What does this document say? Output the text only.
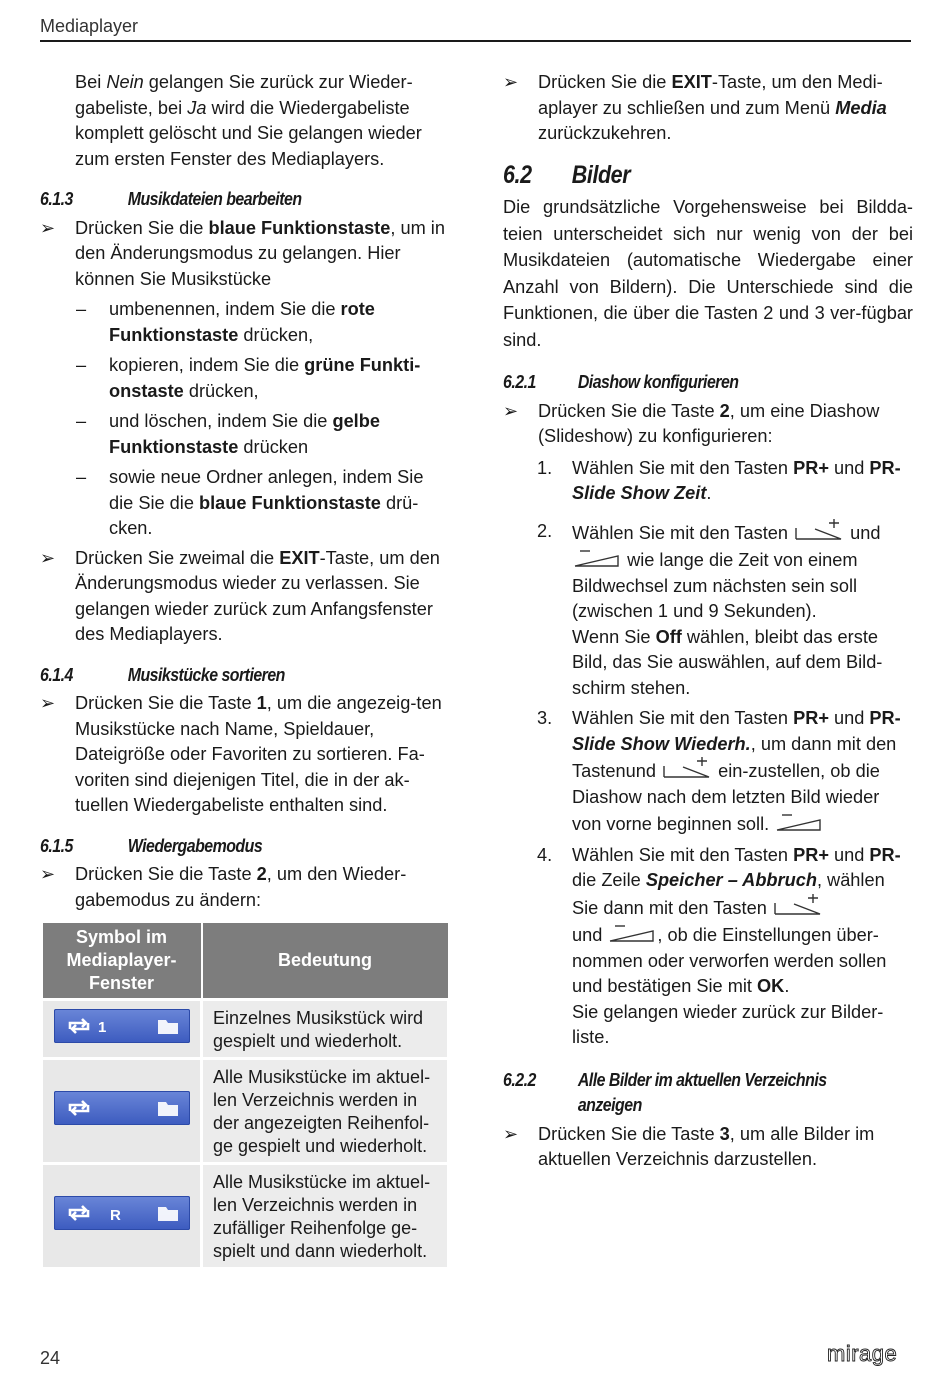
Mediaplayer

Bei Nein gelangen Sie zurück zur Wieder-gabeliste, bei Ja wird die Wiedergabeliste komplett gelöscht und Sie gelangen wieder zum ersten Fenster des Mediaplayers.

6.1.3	Musikdateien bearbeiten
➢ Drücken Sie die blaue Funktionstaste, um in den Änderungsmodus zu gelangen. Hier können Sie Musikstücke
– umbenennen, indem Sie die rote Funktionstaste drücken,
– kopieren, indem Sie die grüne Funkti-onstaste drücken,
– und löschen, indem Sie die gelbe Funktionstaste drücken
– sowie neue Ordner anlegen, indem Sie die Sie die blaue Funktionstaste drü-cken.
➢ Drücken Sie zweimal die EXIT-Taste, um den Änderungsmodus wieder zu verlassen. Sie gelangen wieder zurück zum Anfangsfenster des Mediaplayers.
6.1.4	Musikstücke sortieren
➢ Drücken Sie die Taste 1, um die angezeig-ten Musikstücke nach Name, Spieldauer, Dateigröße oder Favoriten zu sortieren. Fa-voriten sind diejenigen Titel, die in der ak-tuellen Wiedergabeliste enthalten sind.
6.1.5	Wiedergabemodus
➢ Drücken Sie die Taste 2, um den Wieder-gabemodus zu ändern:
Symbol im Mediaplayer-Fenster	Bedeutung

1	Einzelnes Musikstück wird gespielt und wiederholt.

	Alle Musikstücke im aktuel-len Verzeichnis werden in der angezeigten Reihenfol-ge gespielt und wiederholt.

R	Alle Musikstücke im aktuel-len Verzeichnis werden in zufälliger Reihenfolge ge-spielt und dann wiederholt.
➢ Drücken Sie die EXIT-Taste, um den Medi-aplayer zu schließen und zum Menü Media zurückzukehren.
6.2	Bilder

Die grundsätzliche Vorgehensweise bei Bildda-teien unterscheidet sich nur wenig von der bei Musikdateien (automatische Wiedergabe einer Anzahl von Bildern). Die Unterschiede sind die Funktionen, die über die Tasten 2 und 3 ver-fügbar sind.

6.2.1	Diashow konfigurieren
➢ Drücken Sie die Taste 2, um eine Diashow (Slideshow) zu konfigurieren:
1. Wählen Sie mit den Tasten PR+ und PR- Slide Show Zeit.
2. Wählen Sie mit den Tasten	und
wie lange die Zeit von einem Bildwechsel zum nächsten sein soll (zwischen 1 und 9 Sekunden).
Wenn Sie Off wählen, bleibt das erste Bild, das Sie auswählen, auf dem Bild-schirm stehen.
3. Wählen Sie mit den Tasten PR+ und PR- Slide Show Wiederh., um dann mit den Tastenund	ein-zustellen, ob die Diashow nach dem letzten Bild wieder von vorne beginnen soll.
4. Wählen Sie mit den Tasten PR+ und PR- die Zeile Speicher – Abbruch, wählen Sie dann mit den Tasten
und	, ob die Einstellungen über-nommen oder verworfen werden sollen und bestätigen Sie mit OK.
Sie gelangen wieder zurück zur Bilder-liste.
6.2.2	Alle Bilder im aktuellen Verzeichnis
anzeigen
➢ Drücken Sie die Taste 3, um alle Bilder im aktuellen Verzeichnis darzustellen.
24	mirage
